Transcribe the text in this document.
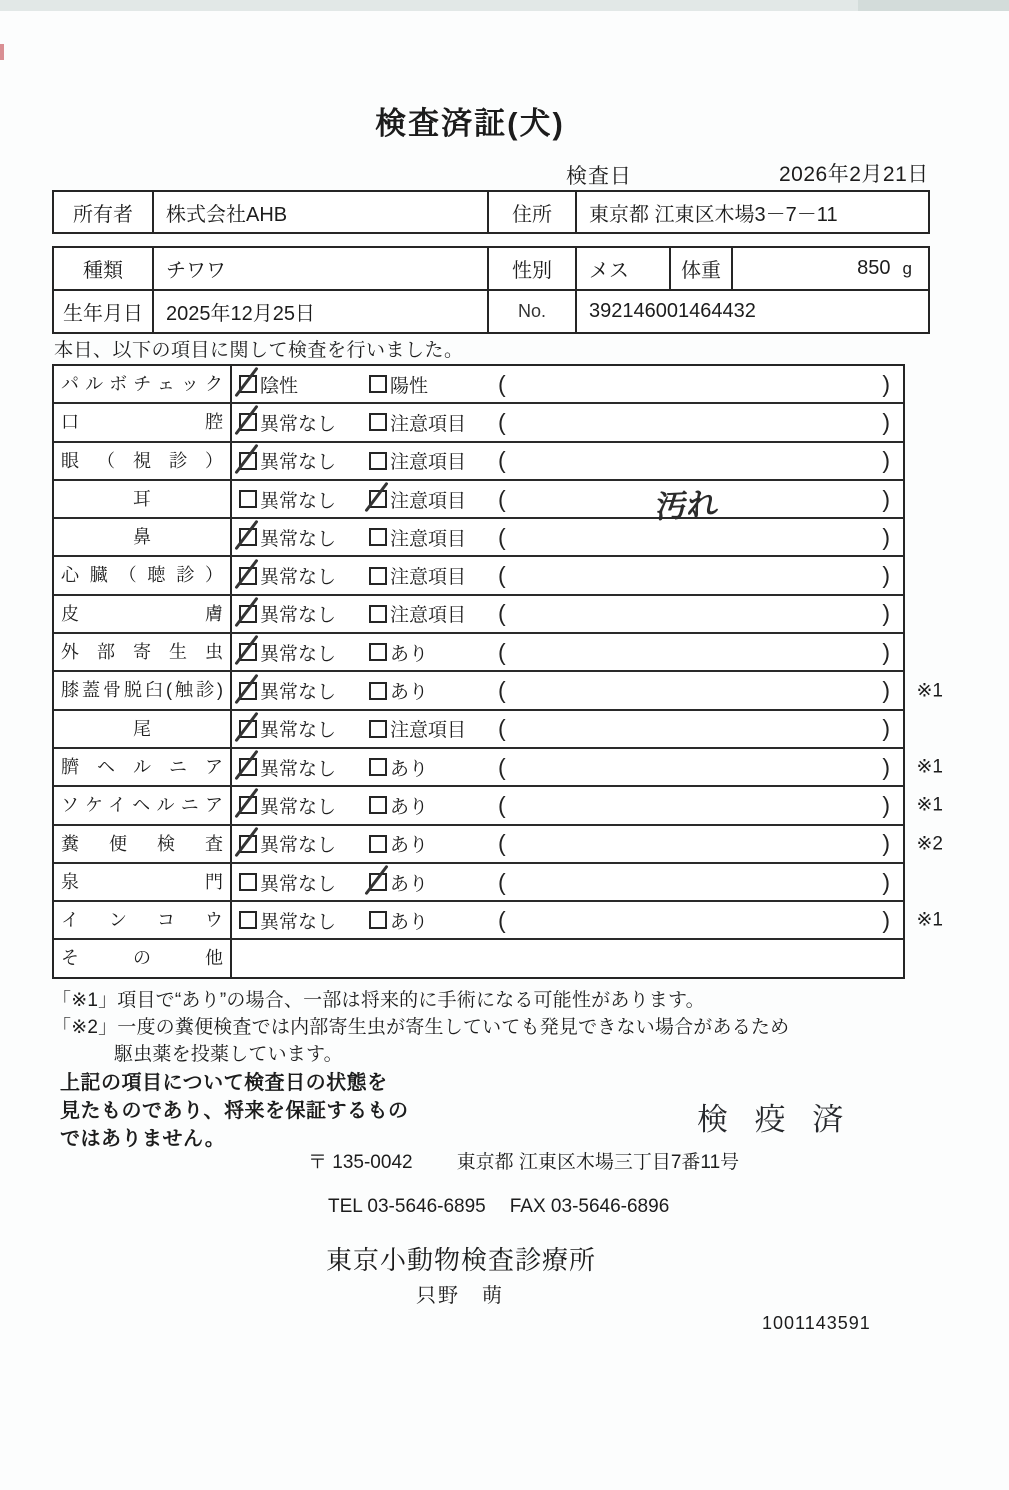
検査済証(犬)
検査日	2026年2月21日
所有者	株式会社AHB	住所	東京都 江東区木場3－7－11
種類	チワワ	性別	メス	体重	850 g
生年月日	2025年12月25日	No.	392146001464432
本日、以下の項目に関して検査を行いました。
パルボチェック	陰性	陽性	(	)
口腔	異常なし	注意項目 (	)
眼（視診）	異常なし	注意項目 (	)
耳	異常なし	注意項目 (	汚れ	)
鼻	異常なし	注意項目 (	)
心臓（聴診）	異常なし	注意項目 (	)
皮膚	異常なし	注意項目 (	)
外部寄生虫	異常なし	あり	(	)
膝蓋骨脱臼(触診)	異常なし	あり	(	) ※1
尾	異常なし	注意項目 (	)
臍ヘルニア	異常なし	あり	(	) ※1
ソケイヘルニア	異常なし	あり	(	) ※1
糞便検査	異常なし	あり	(	) ※2
泉門	異常なし	あり	(	)
インコウ	異常なし	あり	(	) ※1
その他
「※1」項目で“あり”の場合、一部は将来的に手術になる可能性があります。
「※2」一度の糞便検査では内部寄生虫が寄生していても発見できない場合があるため
駆虫薬を投薬しています。
上記の項目について検査日の状態を
見たものであり、将来を保証するもの
ではありません。
検 疫 済
〒 135-0042 東京都 江東区木場三丁目7番11号
TEL 03-5646-6895 FAX 03-5646-6896
東京小動物検査診療所
只野　萌
1001143591
